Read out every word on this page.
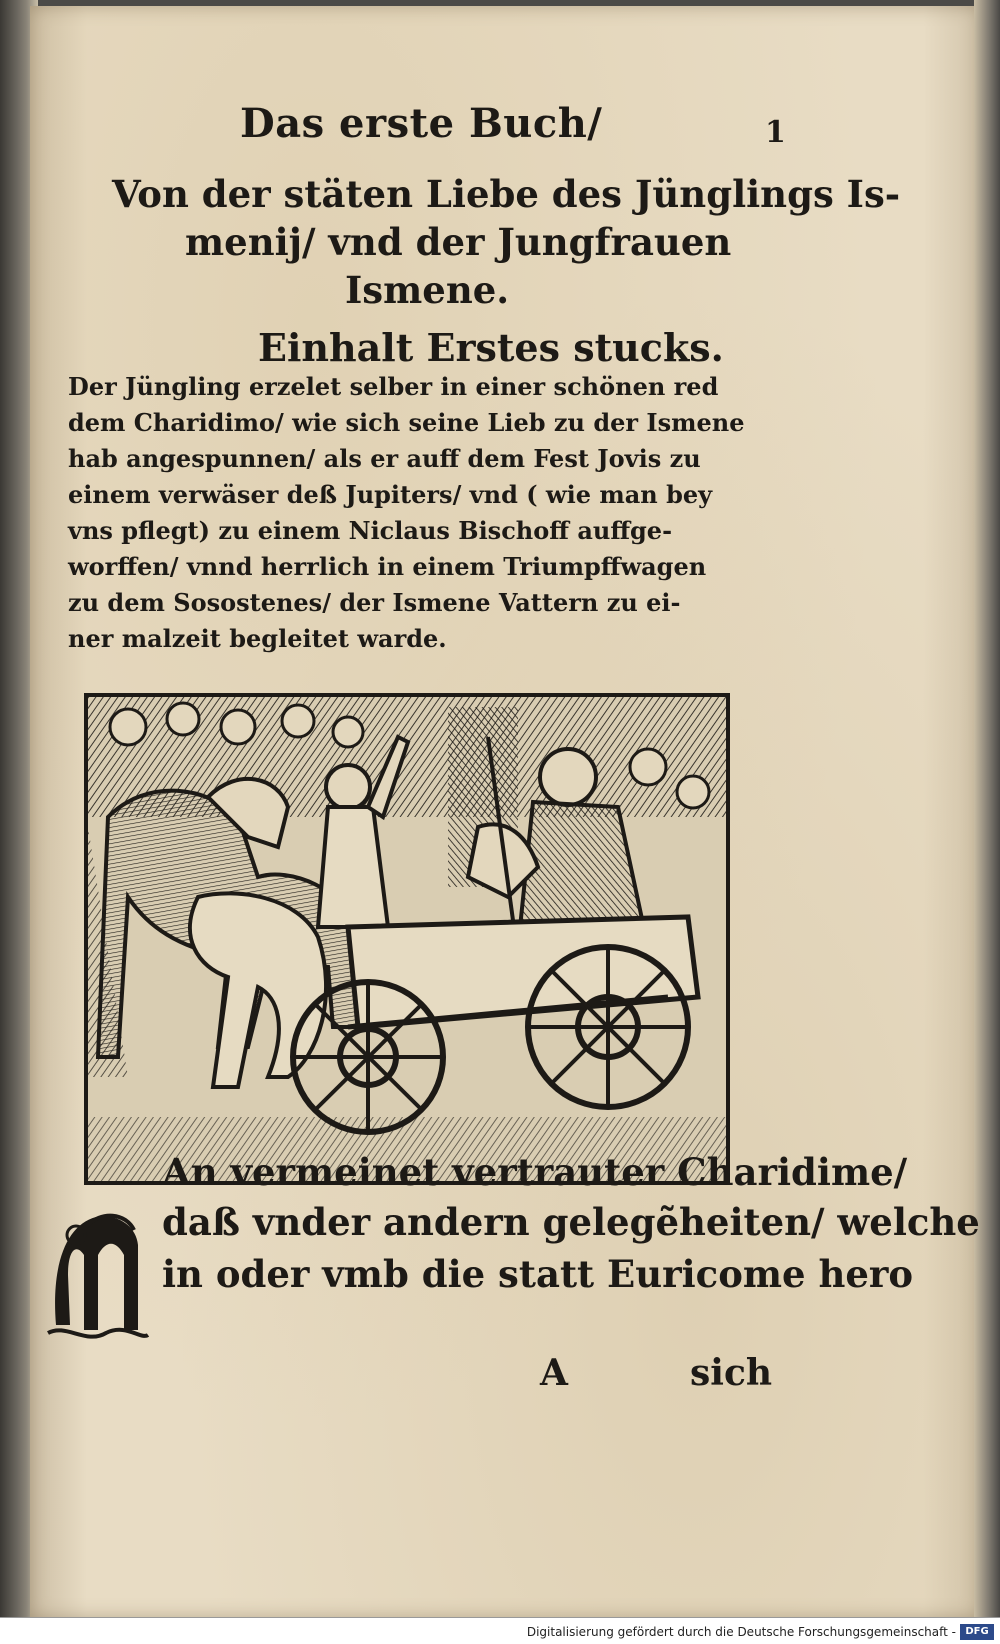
Das erste Buch/	1
Von der stäten Liebe des Jünglings Is-
menij/ vnd der Jungfrauen
Ismene.
Einhalt Erstes stucks.
Der Jüngling erzelet selber in einer schönen red
dem Charidimo/ wie sich seine Lieb zu der Ismene
hab angespunnen/ als er auff dem Fest Jovis zu
einem verwäser deß Jupiters/ vnd ( wie man bey
vns pflegt) zu einem Niclaus Bischoff auffge-
worffen/ vnnd herrlich in einem Triumpffwagen
zu dem Sosostenes/ der Ismene Vattern zu ei-
ner malzeit begleitet warde.
An vermeinet vertrauter Charidime/
daß vnder andern gelegẽheiten/ welche
in oder vmb die statt Euricome hero
A	sich
Digitalisierung gefördert durch die Deutsche Forschungsgemeinschaft - DFG
